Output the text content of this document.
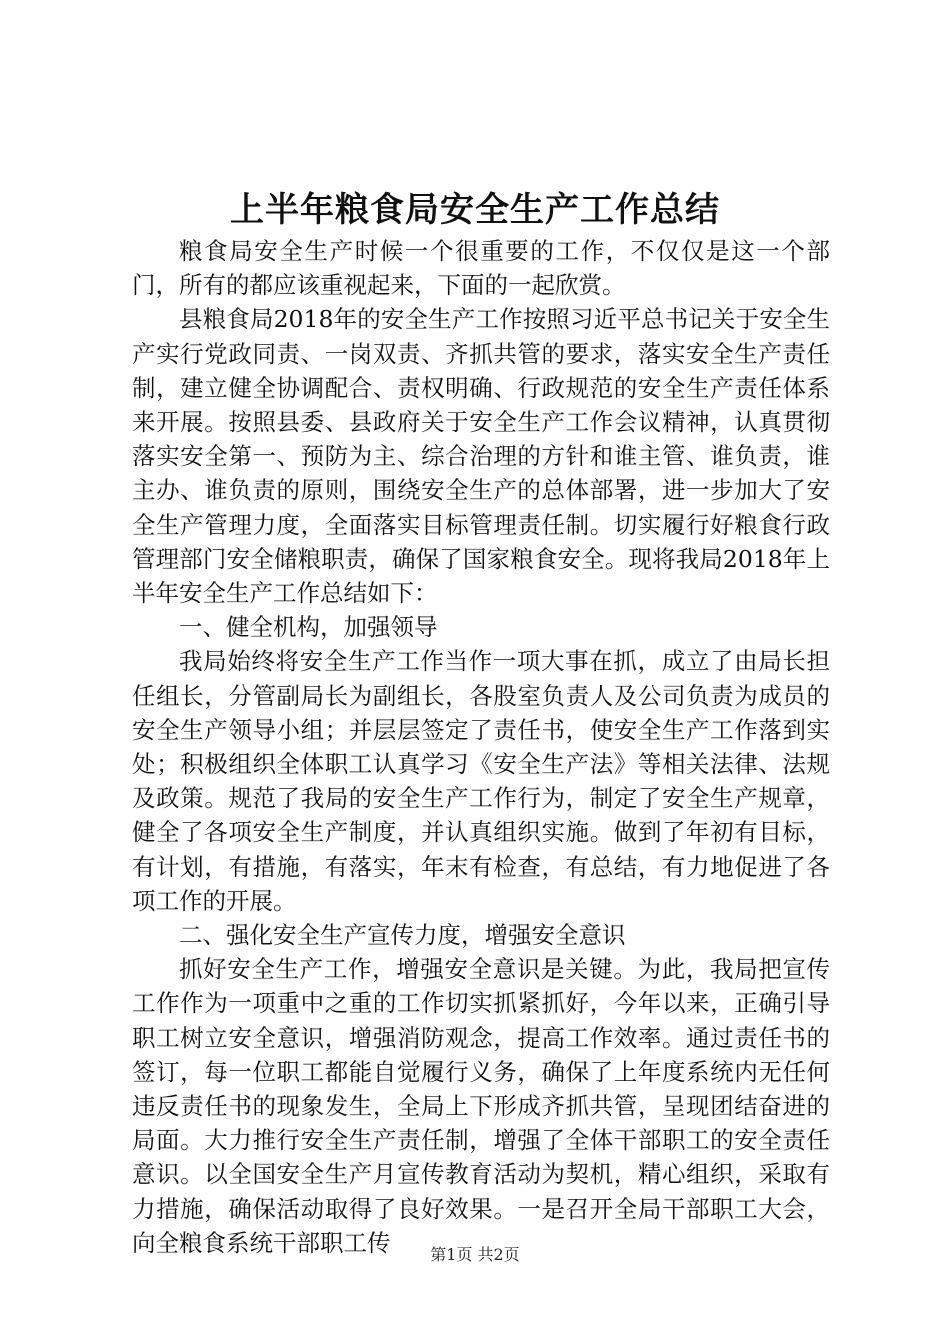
上半年粮食局安全生产工作总结

粮食局安全生产时候一个很重要的工作，不仅仅是这一个部门，所有的都应该重视起来，下面的一起欣赏。

县粮食局2018年的安全生产工作按照习近平总书记关于安全生产实行党政同责、一岗双责、齐抓共管的要求，落实安全生产责任制，建立健全协调配合、责权明确、行政规范的安全生产责任体系来开展。按照县委、县政府关于安全生产工作会议精神，认真贯彻落实安全第一、预防为主、综合治理的方针和谁主管、谁负责，谁主办、谁负责的原则，围绕安全生产的总体部署，进一步加大了安全生产管理力度，全面落实目标管理责任制。切实履行好粮食行政管理部门安全储粮职责，确保了国家粮食安全。现将我局2018年上半年安全生产工作总结如下：

一、健全机构，加强领导

我局始终将安全生产工作当作一项大事在抓，成立了由局长担任组长，分管副局长为副组长，各股室负责人及公司负责为成员的安全生产领导小组；并层层签定了责任书，使安全生产工作落到实处；积极组织全体职工认真学习《安全生产法》等相关法律、法规及政策。规范了我局的安全生产工作行为，制定了安全生产规章，健全了各项安全生产制度，并认真组织实施。做到了年初有目标，有计划，有措施，有落实，年末有检查，有总结，有力地促进了各项工作的开展。

二、强化安全生产宣传力度，增强安全意识

抓好安全生产工作，增强安全意识是关键。为此，我局把宣传工作作为一项重中之重的工作切实抓紧抓好，今年以来，正确引导职工树立安全意识，增强消防观念，提高工作效率。通过责任书的签订，每一位职工都能自觉履行义务，确保了上年度系统内无任何违反责任书的现象发生，全局上下形成齐抓共管，呈现团结奋进的局面。大力推行安全生产责任制，增强了全体干部职工的安全责任意识。以全国安全生产月宣传教育活动为契机，精心组织，采取有力措施，确保活动取得了良好效果。一是召开全局干部职工大会，向全粮食系统干部职工传	第1页 共2页
